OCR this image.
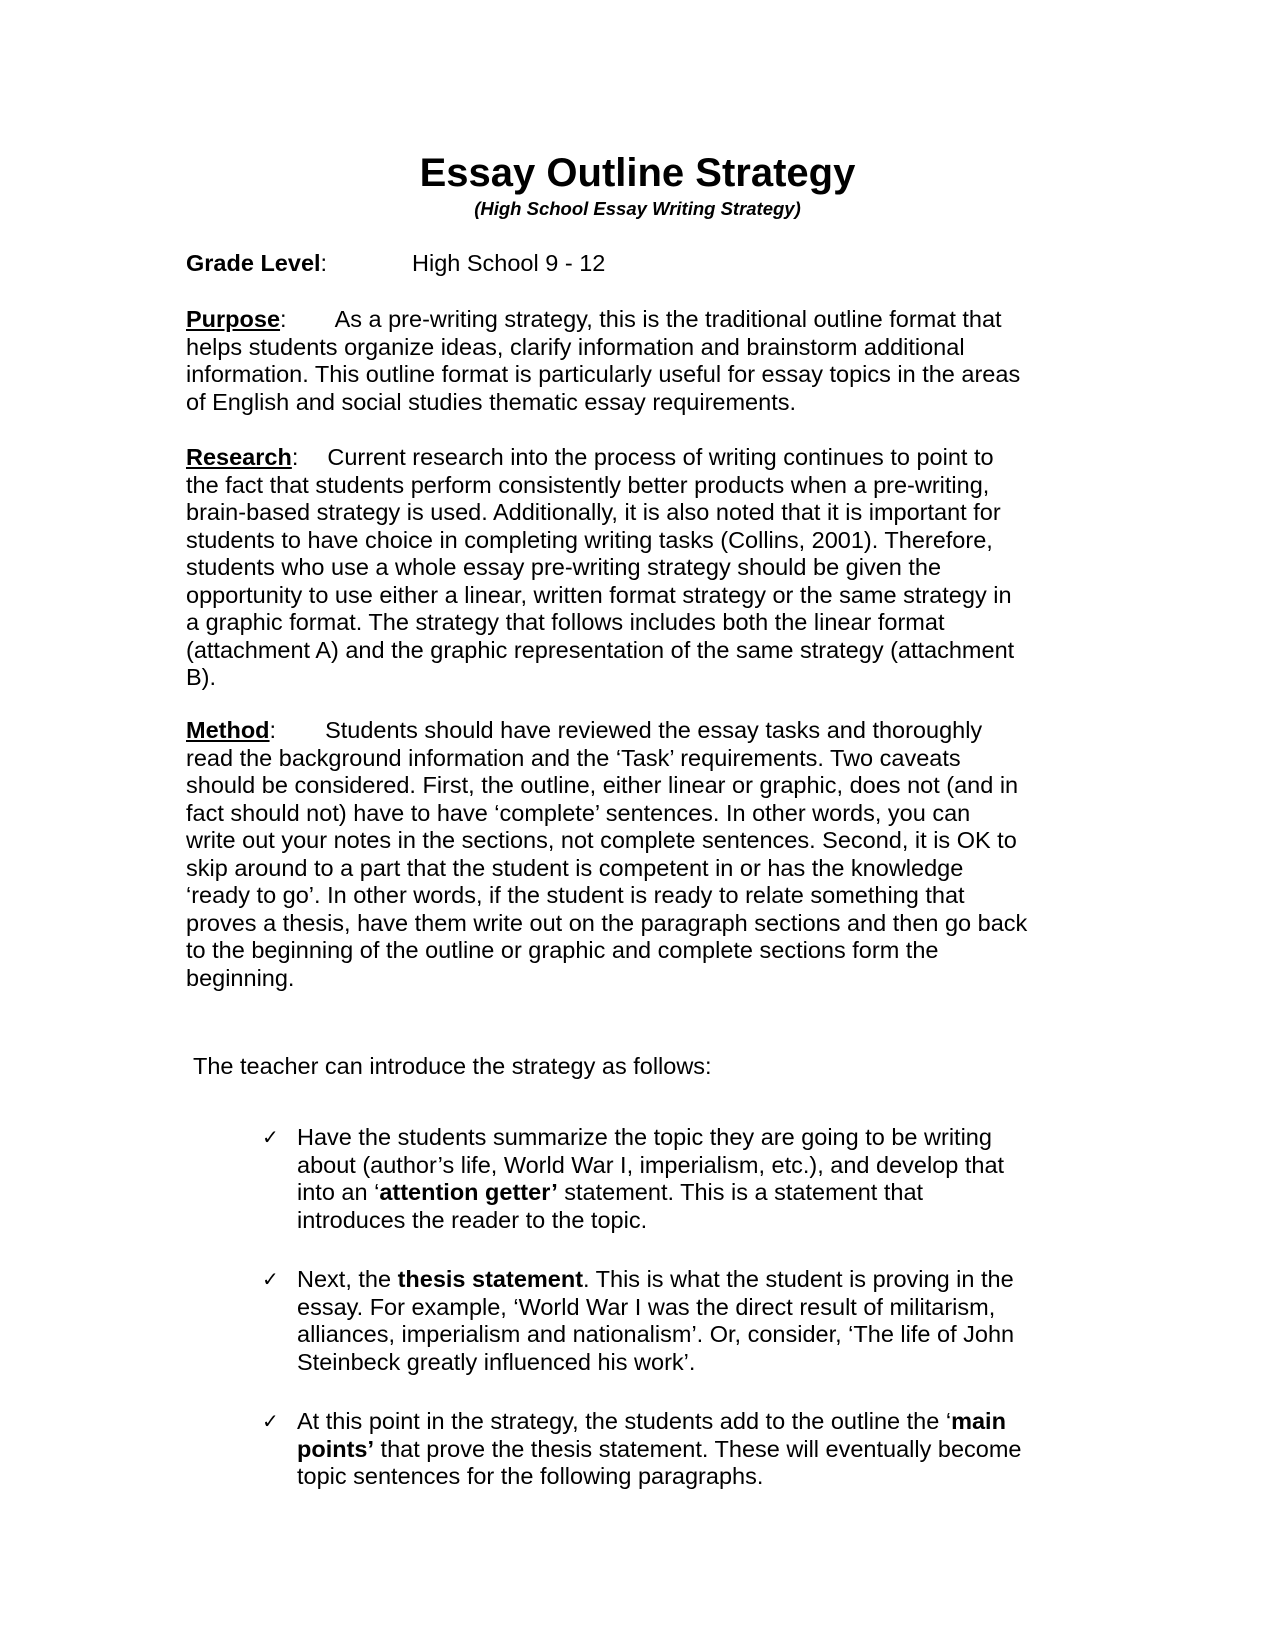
Essay Outline Strategy

(High School Essay Writing Strategy)

Grade Level:	High School 9 - 12
Purpose: As a pre-writing strategy, this is the traditional outline format that
helps students organize ideas, clarify information and brainstorm additional
information. This outline format is particularly useful for essay topics in the areas
of English and social studies thematic essay requirements.
Research: Current research into the process of writing continues to point to
the fact that students perform consistently better products when a pre-writing,
brain-based strategy is used. Additionally, it is also noted that it is important for
students to have choice in completing writing tasks (Collins, 2001). Therefore,
students who use a whole essay pre-writing strategy should be given the
opportunity to use either a linear, written format strategy or the same strategy in
a graphic format. The strategy that follows includes both the linear format
(attachment A) and the graphic representation of the same strategy (attachment
B).
Method: Students should have reviewed the essay tasks and thoroughly
read the background information and the ‘Task’ requirements. Two caveats
should be considered. First, the outline, either linear or graphic, does not (and in
fact should not) have to have ‘complete’ sentences. In other words, you can
write out your notes in the sections, not complete sentences. Second, it is OK to
skip around to a part that the student is competent in or has the knowledge
‘ready to go’. In other words, if the student is ready to relate something that
proves a thesis, have them write out on the paragraph sections and then go back
to the beginning of the outline or graphic and complete sections form the
beginning.

The teacher can introduce the strategy as follows:

✓ Have the students summarize the topic they are going to be writing
about (author’s life, World War I, imperialism, etc.), and develop that
into an ‘attention getter’ statement. This is a statement that
introduces the reader to the topic.
✓ Next, the thesis statement. This is what the student is proving in the
essay. For example, ‘World War I was the direct result of militarism,
alliances, imperialism and nationalism’. Or, consider, ‘The life of John
Steinbeck greatly influenced his work’.
✓ At this point in the strategy, the students add to the outline the ‘main
points’ that prove the thesis statement. These will eventually become
topic sentences for the following paragraphs.
